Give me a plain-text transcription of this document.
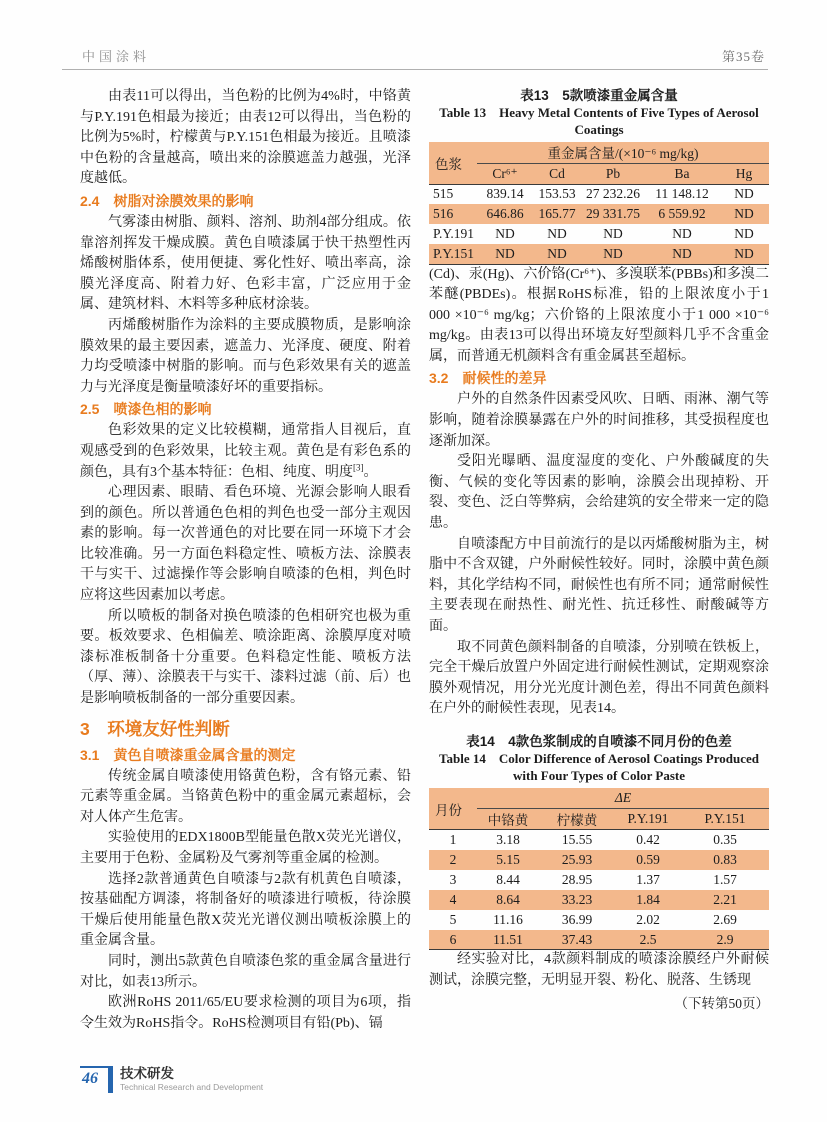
中国涂料	第35卷

由表11可以得出，当色粉的比例为4%时，中铬黄与P.Y.191色相最为接近；由表12可以得出，当色粉的比例为5%时，柠檬黄与P.Y.151色相最为接近。且喷漆中色粉的含量越高，喷出来的涂膜遮盖力越强，光泽度越低。

2.4　树脂对涂膜效果的影响

气雾漆由树脂、颜料、溶剂、助剂4部分组成。依靠溶剂挥发干燥成膜。黄色自喷漆属于快干热塑性丙烯酸树脂体系，使用便捷、雾化性好、喷出率高，涂膜光泽度高、附着力好、色彩丰富，广泛应用于金属、建筑材料、木料等多种底材涂装。

丙烯酸树脂作为涂料的主要成膜物质，是影响涂膜效果的最主要因素，遮盖力、光泽度、硬度、附着力均受喷漆中树脂的影响。而与色彩效果有关的遮盖力与光泽度是衡量喷漆好坏的重要指标。

2.5　喷漆色相的影响

色彩效果的定义比较模糊，通常指人目视后，直观感受到的色彩效果，比较主观。黄色是有彩色系的颜色，具有3个基本特征：色相、纯度、明度[3]。

心理因素、眼睛、看色环境、光源会影响人眼看到的颜色。所以普通色色相的判色也受一部分主观因素的影响。每一次普通色的对比要在同一环境下才会比较准确。另一方面色料稳定性、喷板方法、涂膜表干与实干、过滤操作等会影响自喷漆的色相，判色时应将这些因素加以考虑。

所以喷板的制备对换色喷漆的色相研究也极为重要。板效要求、色相偏差、喷涂距离、涂膜厚度对喷漆标准板制备十分重要。色料稳定性能、喷板方法（厚、薄）、涂膜表干与实干、漆料过滤（前、后）也是影响喷板制备的一部分重要因素。

3　环境友好性判断
3.1　黄色自喷漆重金属含量的测定

传统金属自喷漆使用铬黄色粉，含有铬元素、铅元素等重金属。当铬黄色粉中的重金属元素超标，会对人体产生危害。

实验使用的EDX1800B型能量色散X荧光光谱仪，主要用于色粉、金属粉及气雾剂等重金属的检测。

选择2款普通黄色自喷漆与2款有机黄色自喷漆，按基础配方调漆，将制备好的喷漆进行喷板，待涂膜干燥后使用能量色散X荧光光谱仪测出喷板涂膜上的重金属含量。

同时，测出5款黄色自喷漆色浆的重金属含量进行对比，如表13所示。

欧洲RoHS 2011/65/EU要求检测的项目为6项，指令生效为RoHS指令。RoHS检测项目有铅(Pb)、镉

表13　5款喷漆重金属含量
Table 13　Heavy Metal Contents of Five Types of Aerosol
Coatings
色浆	重金属含量/(×10⁻⁶ mg/kg)				
	Cr⁶⁺	Cd	Pb	Ba	Hg
515	839.14	153.53	27 232.26	11 148.12	ND
516	646.86	165.77	29 331.75	6 559.92	ND
P.Y.191	ND	ND	ND	ND	ND
P.Y.151	ND	ND	ND	ND	ND

(Cd)、汞(Hg)、六价铬(Cr⁶⁺)、多溴联苯(PBBs)和多溴二苯醚(PBDEs)。根据RoHS标准，铅的上限浓度小于1 000 ×10⁻⁶ mg/kg；六价铬的上限浓度小于1 000 ×10⁻⁶ mg/kg。由表13可以得出环境友好型颜料几乎不含重金属，而普通无机颜料含有重金属甚至超标。

3.2　耐候性的差异

户外的自然条件因素受风吹、日晒、雨淋、潮气等影响，随着涂膜暴露在户外的时间推移，其受损程度也逐渐加深。

受阳光曝晒、温度湿度的变化、户外酸碱度的失衡、气候的变化等因素的影响，涂膜会出现掉粉、开裂、变色、泛白等弊病，会给建筑的安全带来一定的隐患。

自喷漆配方中目前流行的是以丙烯酸树脂为主，树脂中不含双键，户外耐候性较好。同时，涂膜中黄色颜料，其化学结构不同，耐候性也有所不同；通常耐候性主要表现在耐热性、耐光性、抗迁移性、耐酸碱等方面。

取不同黄色颜料制备的自喷漆，分别喷在铁板上，完全干燥后放置户外固定进行耐候性测试，定期观察涂膜外观情况，用分光光度计测色差，得出不同黄色颜料在户外的耐候性表现，见表14。

表14　4款色浆制成的自喷漆不同月份的色差
Table 14　Color Difference of Aerosol Coatings Produced
with Four Types of Color Paste
月份	ΔE			
	中铬黄	柠檬黄	P.Y.191	P.Y.151
1	3.18	15.55	0.42	0.35
2	5.15	25.93	0.59	0.83
3	8.44	28.95	1.37	1.57
4	8.64	33.23	1.84	2.21
5	11.16	36.99	2.02	2.69
6	11.51	37.43	2.5	2.9

经实验对比，4款颜料制成的喷漆涂膜经户外耐候测试，涂膜完整，无明显开裂、粉化、脱落、生锈现

（下转第50页）
46	技术研发
Technical Research and Development
